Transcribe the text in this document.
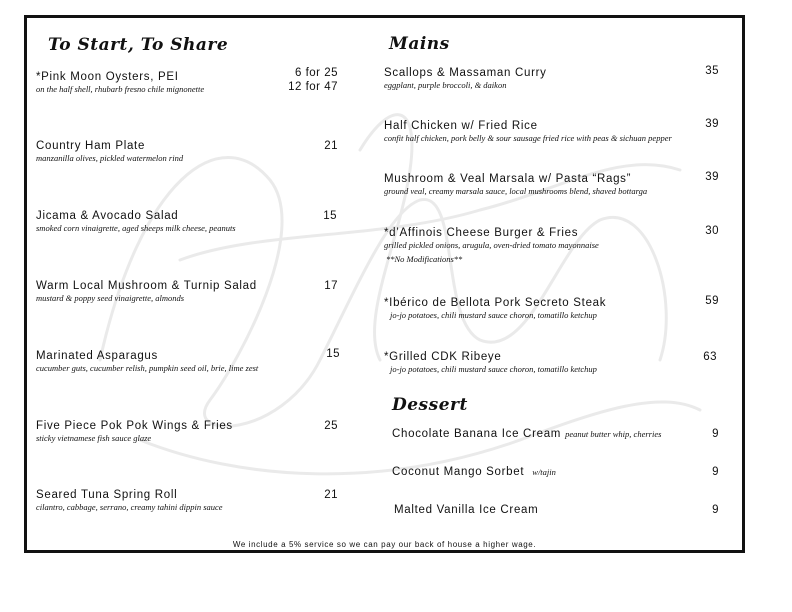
To Start, To Share
*Pink Moon Oysters, PEI
on the half shell, rhubarb fresno chile mignonette
6 for 25
12 for 47
Country Ham Plate
manzanilla olives, pickled watermelon rind
21
Jicama & Avocado Salad
smoked corn vinaigrette, aged sheeps milk cheese, peanuts
15
Warm Local Mushroom & Turnip Salad
mustard & poppy seed vinaigrette, almonds
17
Marinated Asparagus
cucumber guts, cucumber relish, pumpkin seed oil, brie, lime zest
15
Five Piece Pok Pok Wings & Fries
sticky vietnamese fish sauce glaze
25
Seared Tuna Spring Roll
cilantro, cabbage, serrano, creamy tahini dippin sauce
21
Mains
Scallops & Massaman Curry
eggplant, purple broccoli, & daikon
35
Half Chicken w/ Fried Rice
confit half chicken, pork belly & sour sausage fried rice with peas & sichuan pepper
39
Mushroom & Veal Marsala w/ Pasta “Rags”
ground veal, creamy marsala sauce, local mushrooms blend, shaved bottarga
39
*d’Affinois Cheese Burger & Fries
grilled pickled onions, arugula, oven-dried tomato mayonnaise
**No Modifications**
30
*Ibérico de Bellota Pork Secreto Steak
jo-jo potatoes, chili mustard sauce choron, tomatillo ketchup
59
*Grilled CDK Ribeye
jo-jo potatoes, chili mustard sauce choron, tomatillo ketchup
63
Dessert
Chocolate Banana Ice Cream peanut butter whip, cherries	9
Coconut Mango Sorbet w/tajin	9
Malted Vanilla Ice Cream	9
We include a 5% service so we can pay our back of house a higher wage.
